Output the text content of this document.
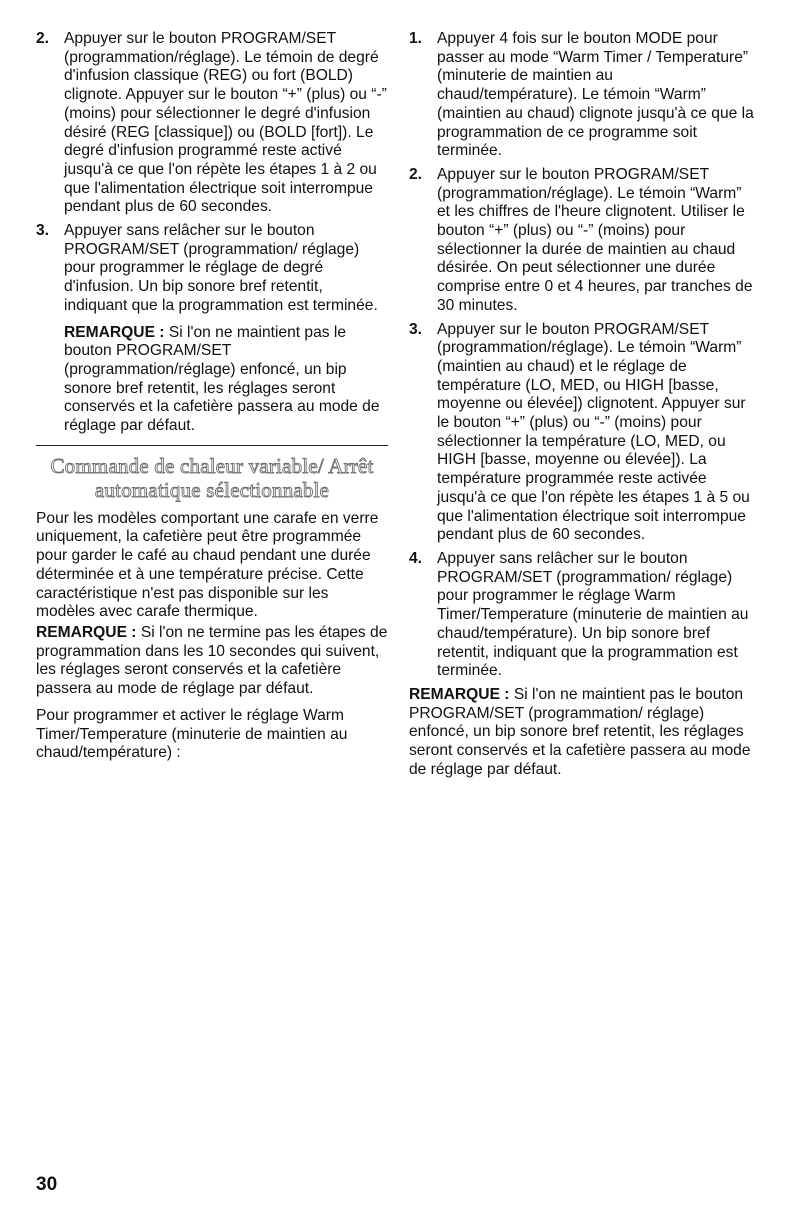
2. Appuyer sur le bouton PROGRAM/SET (programmation/réglage). Le témoin de degré d'infusion classique (REG) ou fort (BOLD) clignote. Appuyer sur le bouton “+” (plus) ou “-” (moins) pour sélectionner le degré d'infusion désiré (REG [classique]) ou (BOLD [fort]). Le degré d'infusion programmé reste activé jusqu'à ce que l'on répète les étapes 1 à 2 ou que l'alimentation électrique soit interrompue pendant plus de 60 secondes.

3. Appuyer sans relâcher sur le bouton PROGRAM/SET (programmation/ réglage) pour programmer le réglage de degré d'infusion. Un bip sonore bref retentit, indiquant que la programmation est terminée.

REMARQUE : Si l'on ne maintient pas le bouton PROGRAM/SET (programmation/réglage) enfoncé, un bip sonore bref retentit, les réglages seront conservés et la cafetière passera au mode de réglage par défaut.

Commande de chaleur variable/ Arrêt automatique sélectionnable

Pour les modèles comportant une carafe en verre uniquement, la cafetière peut être programmée pour garder le café au chaud pendant une durée déterminée et à une température précise. Cette caractéristique n'est pas disponible sur les modèles avec carafe thermique.

REMARQUE : Si l'on ne termine pas les étapes de programmation dans les 10 secondes qui suivent, les réglages seront conservés et la cafetière passera au mode de réglage par défaut.

Pour programmer et activer le réglage Warm Timer/Temperature (minuterie de maintien au chaud/température) :

1. Appuyer 4 fois sur le bouton MODE pour passer au mode “Warm Timer / Temperature” (minuterie de maintien au chaud/température). Le témoin “Warm” (maintien au chaud) clignote jusqu'à ce que la programmation de ce programme soit terminée.

2. Appuyer sur le bouton PROGRAM/SET (programmation/réglage). Le témoin “Warm” et les chiffres de l'heure clignotent. Utiliser le bouton “+” (plus) ou “-” (moins) pour sélectionner la durée de maintien au chaud désirée. On peut sélectionner une durée comprise entre 0 et 4 heures, par tranches de 30 minutes.

3. Appuyer sur le bouton PROGRAM/SET (programmation/réglage). Le témoin “Warm” (maintien au chaud) et le réglage de température (LO, MED, ou HIGH [basse, moyenne ou élevée]) clignotent. Appuyer sur le bouton “+” (plus) ou “-” (moins) pour sélectionner la température (LO, MED, ou HIGH [basse, moyenne ou élevée]). La température programmée reste activée jusqu'à ce que l'on répète les étapes 1 à 5 ou que l'alimentation électrique soit interrompue pendant plus de 60 secondes.

4. Appuyer sans relâcher sur le bouton PROGRAM/SET (programmation/ réglage) pour programmer le réglage Warm Timer/Temperature (minuterie de maintien au chaud/température). Un bip sonore bref retentit, indiquant que la programmation est terminée.

REMARQUE : Si l'on ne maintient pas le bouton PROGRAM/SET (programmation/ réglage) enfoncé, un bip sonore bref retentit, les réglages seront conservés et la cafetière passera au mode de réglage par défaut.

30
